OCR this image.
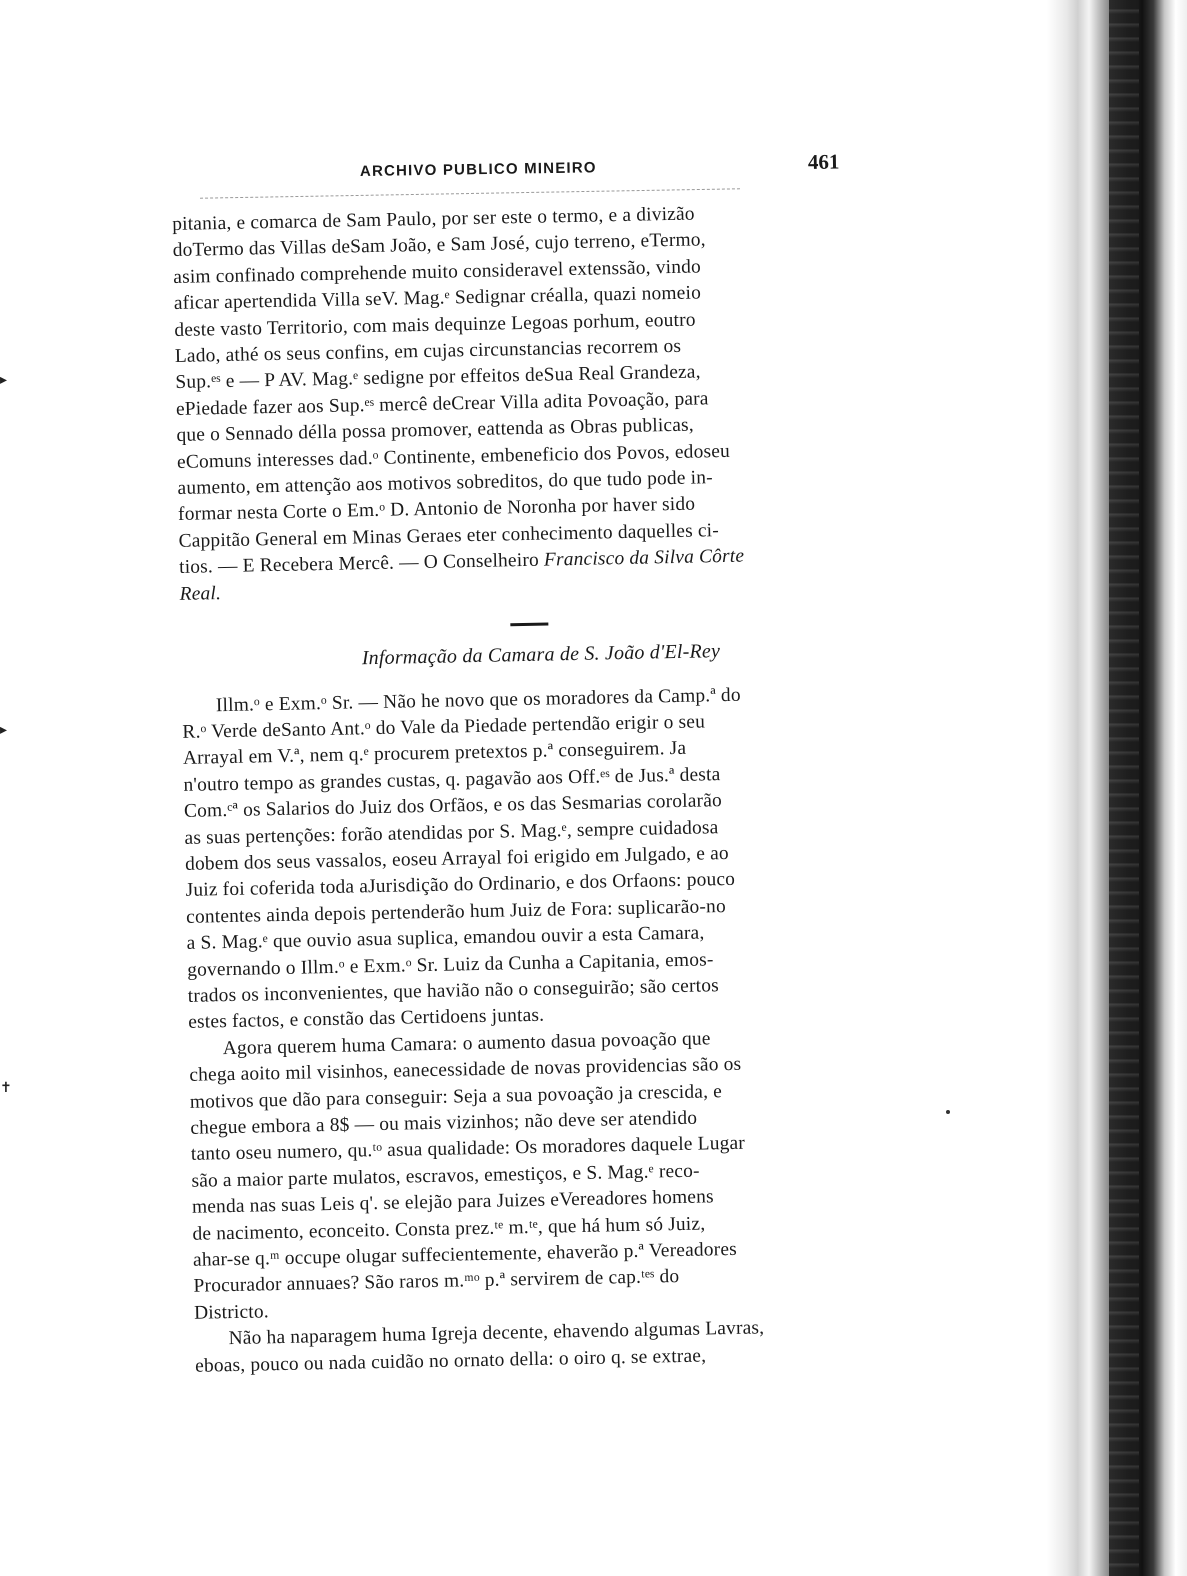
ARCHIVO PUBLICO MINEIRO	461

pitania, e comarca de Sam Paulo, por ser este o termo, e a divizão
doTermo das Villas deSam João, e Sam José, cujo terreno, eTermo,
asim confinado comprehende muito consideravel extenssão, vindo
aficar apertendida Villa seV. Mag.ᵉ Sedignar créalla, quazi nomeio
deste vasto Territorio, com mais dequinze Legoas porhum, eoutro
Lado, athé os seus confins, em cujas circunstancias recorrem os
Sup.ᵉˢ e — P AV. Mag.ᵉ sedigne por effeitos deSua Real Grandeza,
ePiedade fazer aos Sup.ᵉˢ mercê deCrear Villa adita Povoação, para
que o Sennado délla possa promover, eattenda as Obras publicas,
eComuns interesses dad.ᵒ Continente, embeneficio dos Povos, edoseu
aumento, em attenção aos motivos sobreditos, do que tudo pode in-
formar nesta Corte o Em.ᵒ D. Antonio de Noronha por haver sido
Cappitão General em Minas Geraes eter conhecimento daquelles ci-
tios. — E Recebera Mercê. — O Conselheiro Francisco da Silva Côrte
Real.

Informação da Camara de S. João d'El-Rey

Illm.ᵒ e Exm.ᵒ Sr. — Não he novo que os moradores da Camp.ª do
R.ᵒ Verde deSanto Ant.ᵒ do Vale da Piedade pertendão erigir o seu
Arrayal em V.ª, nem q.ᵉ procurem pretextos p.ª conseguirem. Ja
n'outro tempo as grandes custas, q. pagavão aos Off.ᵉˢ de Jus.ª desta
Com.ᶜª os Salarios do Juiz dos Orfãos, e os das Sesmarias corolarão
as suas pertenções: forão atendidas por S. Mag.ᵉ, sempre cuidadosa
dobem dos seus vassalos, eoseu Arrayal foi erigido em Julgado, e ao
Juiz foi coferida toda aJurisdição do Ordinario, e dos Orfaons: pouco
contentes ainda depois pertenderão hum Juiz de Fora: suplicarão-no
a S. Mag.ᵉ que ouvio asua suplica, emandou ouvir a esta Camara,
governando o Illm.ᵒ e Exm.ᵒ Sr. Luiz da Cunha a Capitania, emos-
trados os inconvenientes, que havião não o conseguirão; são certos
estes factos, e constão das Certidoens juntas.

Agora querem huma Camara: o aumento dasua povoação que
chega aoito mil visinhos, eanecessidade de novas providencias são os
motivos que dão para conseguir: Seja a sua povoação ja crescida, e
chegue embora a 8$ — ou mais vizinhos; não deve ser atendido
tanto oseu numero, qu.ᵗᵒ asua qualidade: Os moradores daquele Lugar
são a maior parte mulatos, escravos, emestiços, e S. Mag.ᵉ reco-
menda nas suas Leis q'. se elejão para Juizes eVereadores homens
de nacimento, econceito. Consta prez.ᵗᵉ m.ᵗᵉ, que há hum só Juiz,
ahar-se q.ᵐ occupe olugar suffecientemente, ehaverão p.ª Vereadores
Procurador annuaes? São raros m.ᵐᵒ p.ª servirem de cap.ᵗᵉˢ do
Districto.

Não ha naparagem huma Igreja decente, ehavendo algumas Lavras,
eboas, pouco ou nada cuidão no ornato della: o oiro q. se extrae,

▸
▸
✝
